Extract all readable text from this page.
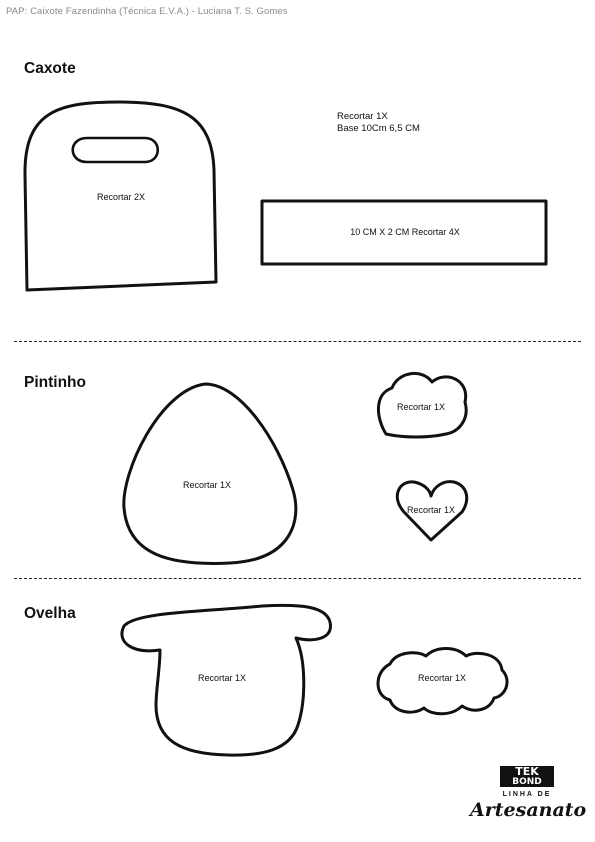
PAP: Caixote Fazendinha (Técnica E.V.A.) - Luciana T. S. Gomes
Caxote
Pintinho
Ovelha
Recortar 2X
Recortar 1X
Base 10Cm 6,5 CM
10 CM X 2 CM Recortar 4X
Recortar 1X
Recortar 1X
Recortar 1X
Recortar 1X	Recortar 1X
TEK
BOND
LINHA DE
Artesanato
